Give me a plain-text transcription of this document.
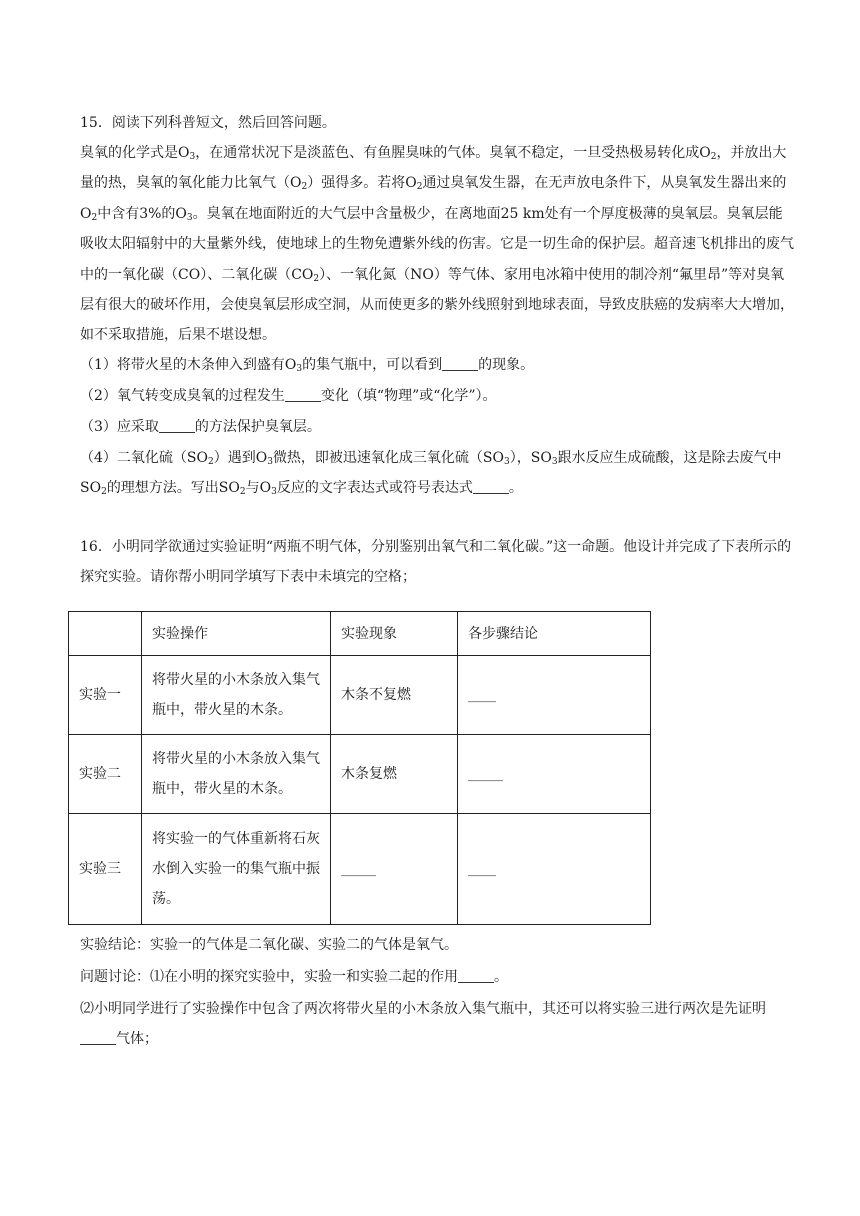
15．阅读下列科普短文，然后回答问题。

臭氧的化学式是$O_3$，在通常状况下是淡蓝色、有鱼腥臭味的气体。臭氧不稳定，一旦受热极易转化成$O_2$，并放出大量的热，臭氧的氧化能力比氧气$(O_2)$强得多。若将$O_2$通过臭氧发生器，在无声放电条件下，从臭氧发生器出来的$O_2$中含有3%的$O_3$。臭氧在地面附近的大气层中含量极少，在离地面25 km处有一个厚度极薄的臭氧层。臭氧层能吸收太阳辐射中的大量紫外线，使地球上的生物免遭紫外线的伤害。它是一切生命的保护层。超音速飞机排出的废气中的一氧化碳（CO）、二氧化碳$(CO_2)$、一氧化氮（NO）等气体、家用电冰箱中使用的制冷剂“氟里昂”等对臭氧层有很大的破坏作用，会使臭氧层形成空洞，从而使更多的紫外线照射到地球表面，导致皮肤癌的发病率大大增加，如不采取措施，后果不堪设想。

（1）将带火星的木条伸入到盛有$O_3$的集气瓶中，可以看到	的现象。

（2）氧气转变成臭氧的过程发生	变化（填“物理”或“化学”）。

（3）应采取	的方法保护臭氧层。

（4）二氧化硫$(SO_2)$遇到$O_3$微热，即被迅速氧化成三氧化硫$(SO_3)$，$SO_3$跟水反应生成硫酸，这是除去废气中$SO_2$的理想方法。写出$SO_2$与$O_3$反应的文字表达式或符号表达式	。

16．小明同学欲通过实验证明“两瓶不明气体，分别鉴别出氧气和二氧化碳。”这一命题。他设计并完成了下表所示的探究实验。请你帮小明同学填写下表中未填完的空格；

	实验操作	实验现象	各步骤结论
实验一	将带火星的小木条放入集气瓶中，带火星的木条。	木条不复燃	____
实验二	将带火星的小木条放入集气瓶中，带火星的木条。	木条复燃	_____
实验三	将实验一的气体重新将石灰水倒入实验一的集气瓶中振荡。	_____	____

实验结论：实验一的气体是二氧化碳、实验二的气体是氧气。

问题讨论：⑴在小明的探究实验中，实验一和实验二起的作用	。

⑵小明同学进行了实验操作中包含了两次将带火星的小木条放入集气瓶中，其还可以将实验三进行两次是先证明气体；
